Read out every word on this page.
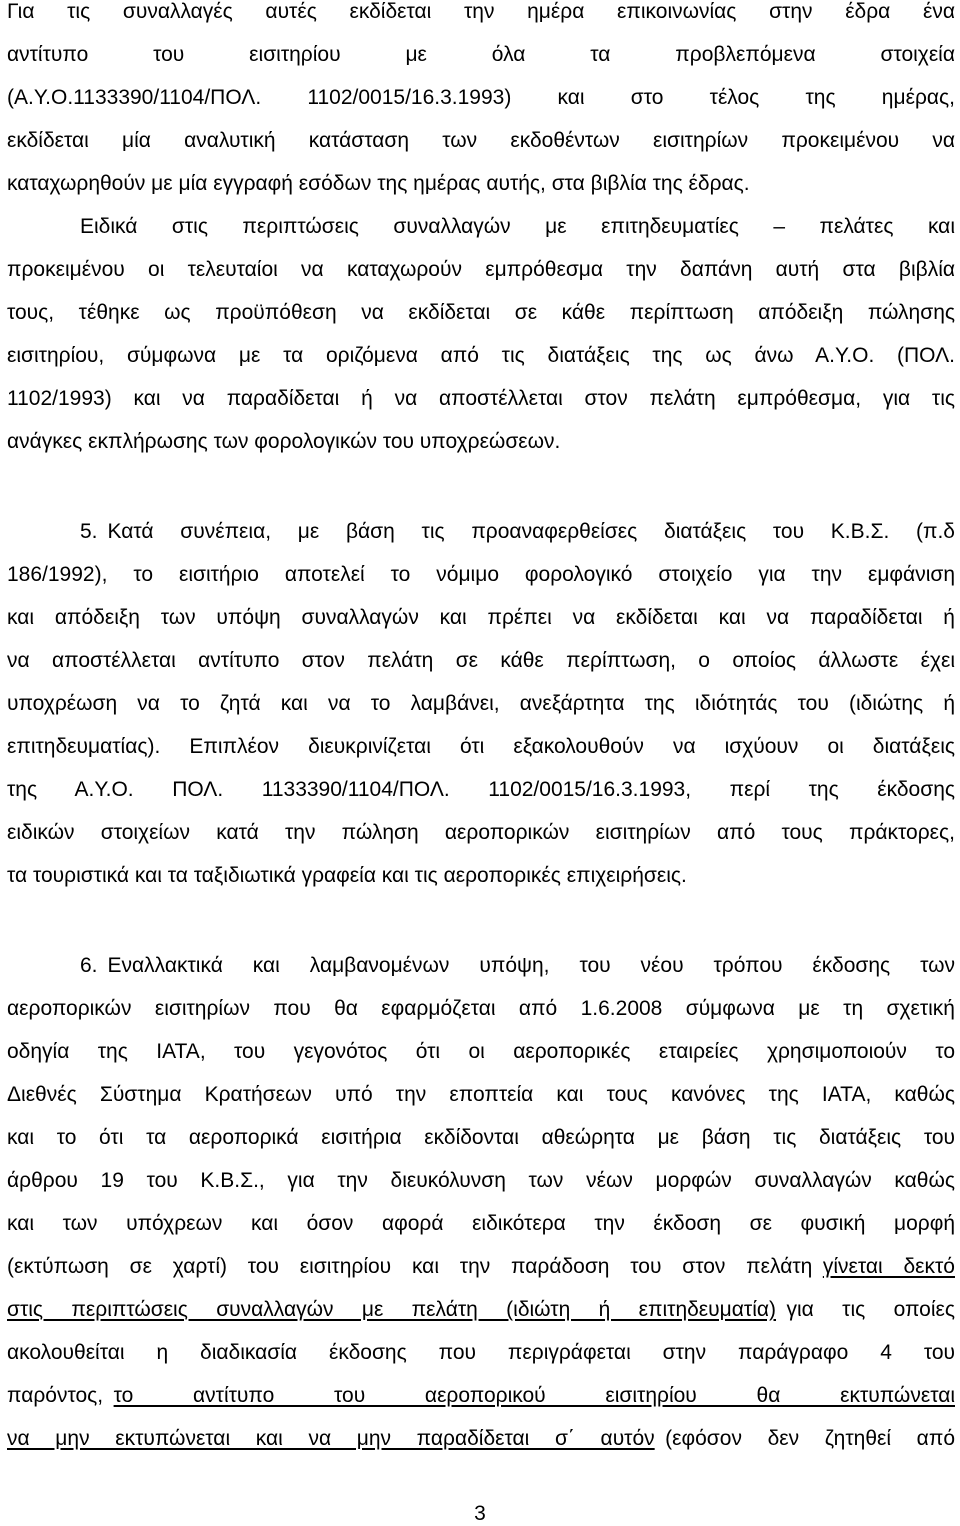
Για τις συναλλαγές αυτές εκδίδεται την ημέρα επικοινωνίας στην έδρα ένα
αντίτυπο του εισιτηρίου με όλα τα προβλεπόμενα στοιχεία
(Α.Υ.Ο.1133390/1104/ΠΟΛ. 1102/0015/16.3.1993) και στο τέλος της ημέρας,
εκδίδεται μία αναλυτική κατάσταση των εκδοθέντων εισιτηρίων προκειμένου να
καταχωρηθούν με μία εγγραφή εσόδων της ημέρας αυτής, στα βιβλία της έδρας.
Ειδικά στις περιπτώσεις συναλλαγών με επιτηδευματίες – πελάτες και
προκειμένου οι τελευταίοι να καταχωρούν εμπρόθεσμα την δαπάνη αυτή στα βιβλία
τους, τέθηκε ως προϋπόθεση να εκδίδεται σε κάθε περίπτωση απόδειξη πώλησης
εισιτηρίου, σύμφωνα με τα οριζόμενα από τις διατάξεις της ως άνω Α.Υ.Ο. (ΠΟΛ.
1102/1993) και να παραδίδεται ή να αποστέλλεται στον πελάτη εμπρόθεσμα, για τις
ανάγκες εκπλήρωσης των φορολογικών του υποχρεώσεων.
5. Κατά συνέπεια, με βάση τις προαναφερθείσες διατάξεις του Κ.Β.Σ. (π.δ
186/1992), το εισιτήριο αποτελεί το νόμιμο φορολογικό στοιχείο για την εμφάνιση
και απόδειξη των υπόψη συναλλαγών και πρέπει να εκδίδεται και να παραδίδεται ή
να αποστέλλεται αντίτυπο στον πελάτη σε κάθε περίπτωση, ο οποίος άλλωστε έχει
υποχρέωση να το ζητά και να το λαμβάνει, ανεξάρτητα της ιδιότητάς του (ιδιώτης ή
επιτηδευματίας). Επιπλέον διευκρινίζεται ότι εξακολουθούν να ισχύουν οι διατάξεις
της Α.Υ.Ο. ΠΟΛ. 1133390/1104/ΠΟΛ. 1102/0015/16.3.1993, περί της έκδοσης
ειδικών στοιχείων κατά την πώληση αεροπορικών εισιτηρίων από τους πράκτορες,
τα τουριστικά και τα ταξιδιωτικά γραφεία και τις αεροπορικές επιχειρήσεις.
6. Εναλλακτικά και λαμβανομένων υπόψη, του νέου τρόπου έκδοσης των
αεροπορικών εισιτηρίων που θα εφαρμόζεται από 1.6.2008 σύμφωνα με τη σχετική
οδηγία της ΙΑΤΑ, του γεγονότος ότι οι αεροπορικές εταιρείες χρησιμοποιούν το
Διεθνές Σύστημα Κρατήσεων υπό την εποπτεία και τους κανόνες της ΙΑΤΑ, καθώς
και το ότι τα αεροπορικά εισιτήρια εκδίδονται αθεώρητα με βάση τις διατάξεις του
άρθρου 19 του Κ.Β.Σ., για την διευκόλυνση των νέων μορφών συναλλαγών καθώς
και των υπόχρεων και όσον αφορά ειδικότερα την έκδοση σε φυσική μορφή
(εκτύπωση σε χαρτί) του εισιτηρίου και την παράδοση του στον πελάτη γίνεται δεκτό
στις περιπτώσεις συναλλαγών με πελάτη (ιδιώτη ή επιτηδευματία) για τις οποίες
ακολουθείται η διαδικασία έκδοσης που περιγράφεται στην παράγραφο 4 του
παρόντος, το αντίτυπο του αεροπορικού εισιτηρίου θα εκτυπώνεται
να μην εκτυπώνεται και να μην παραδίδεται σ΄ αυτόν (εφόσον δεν ζητηθεί από
3
